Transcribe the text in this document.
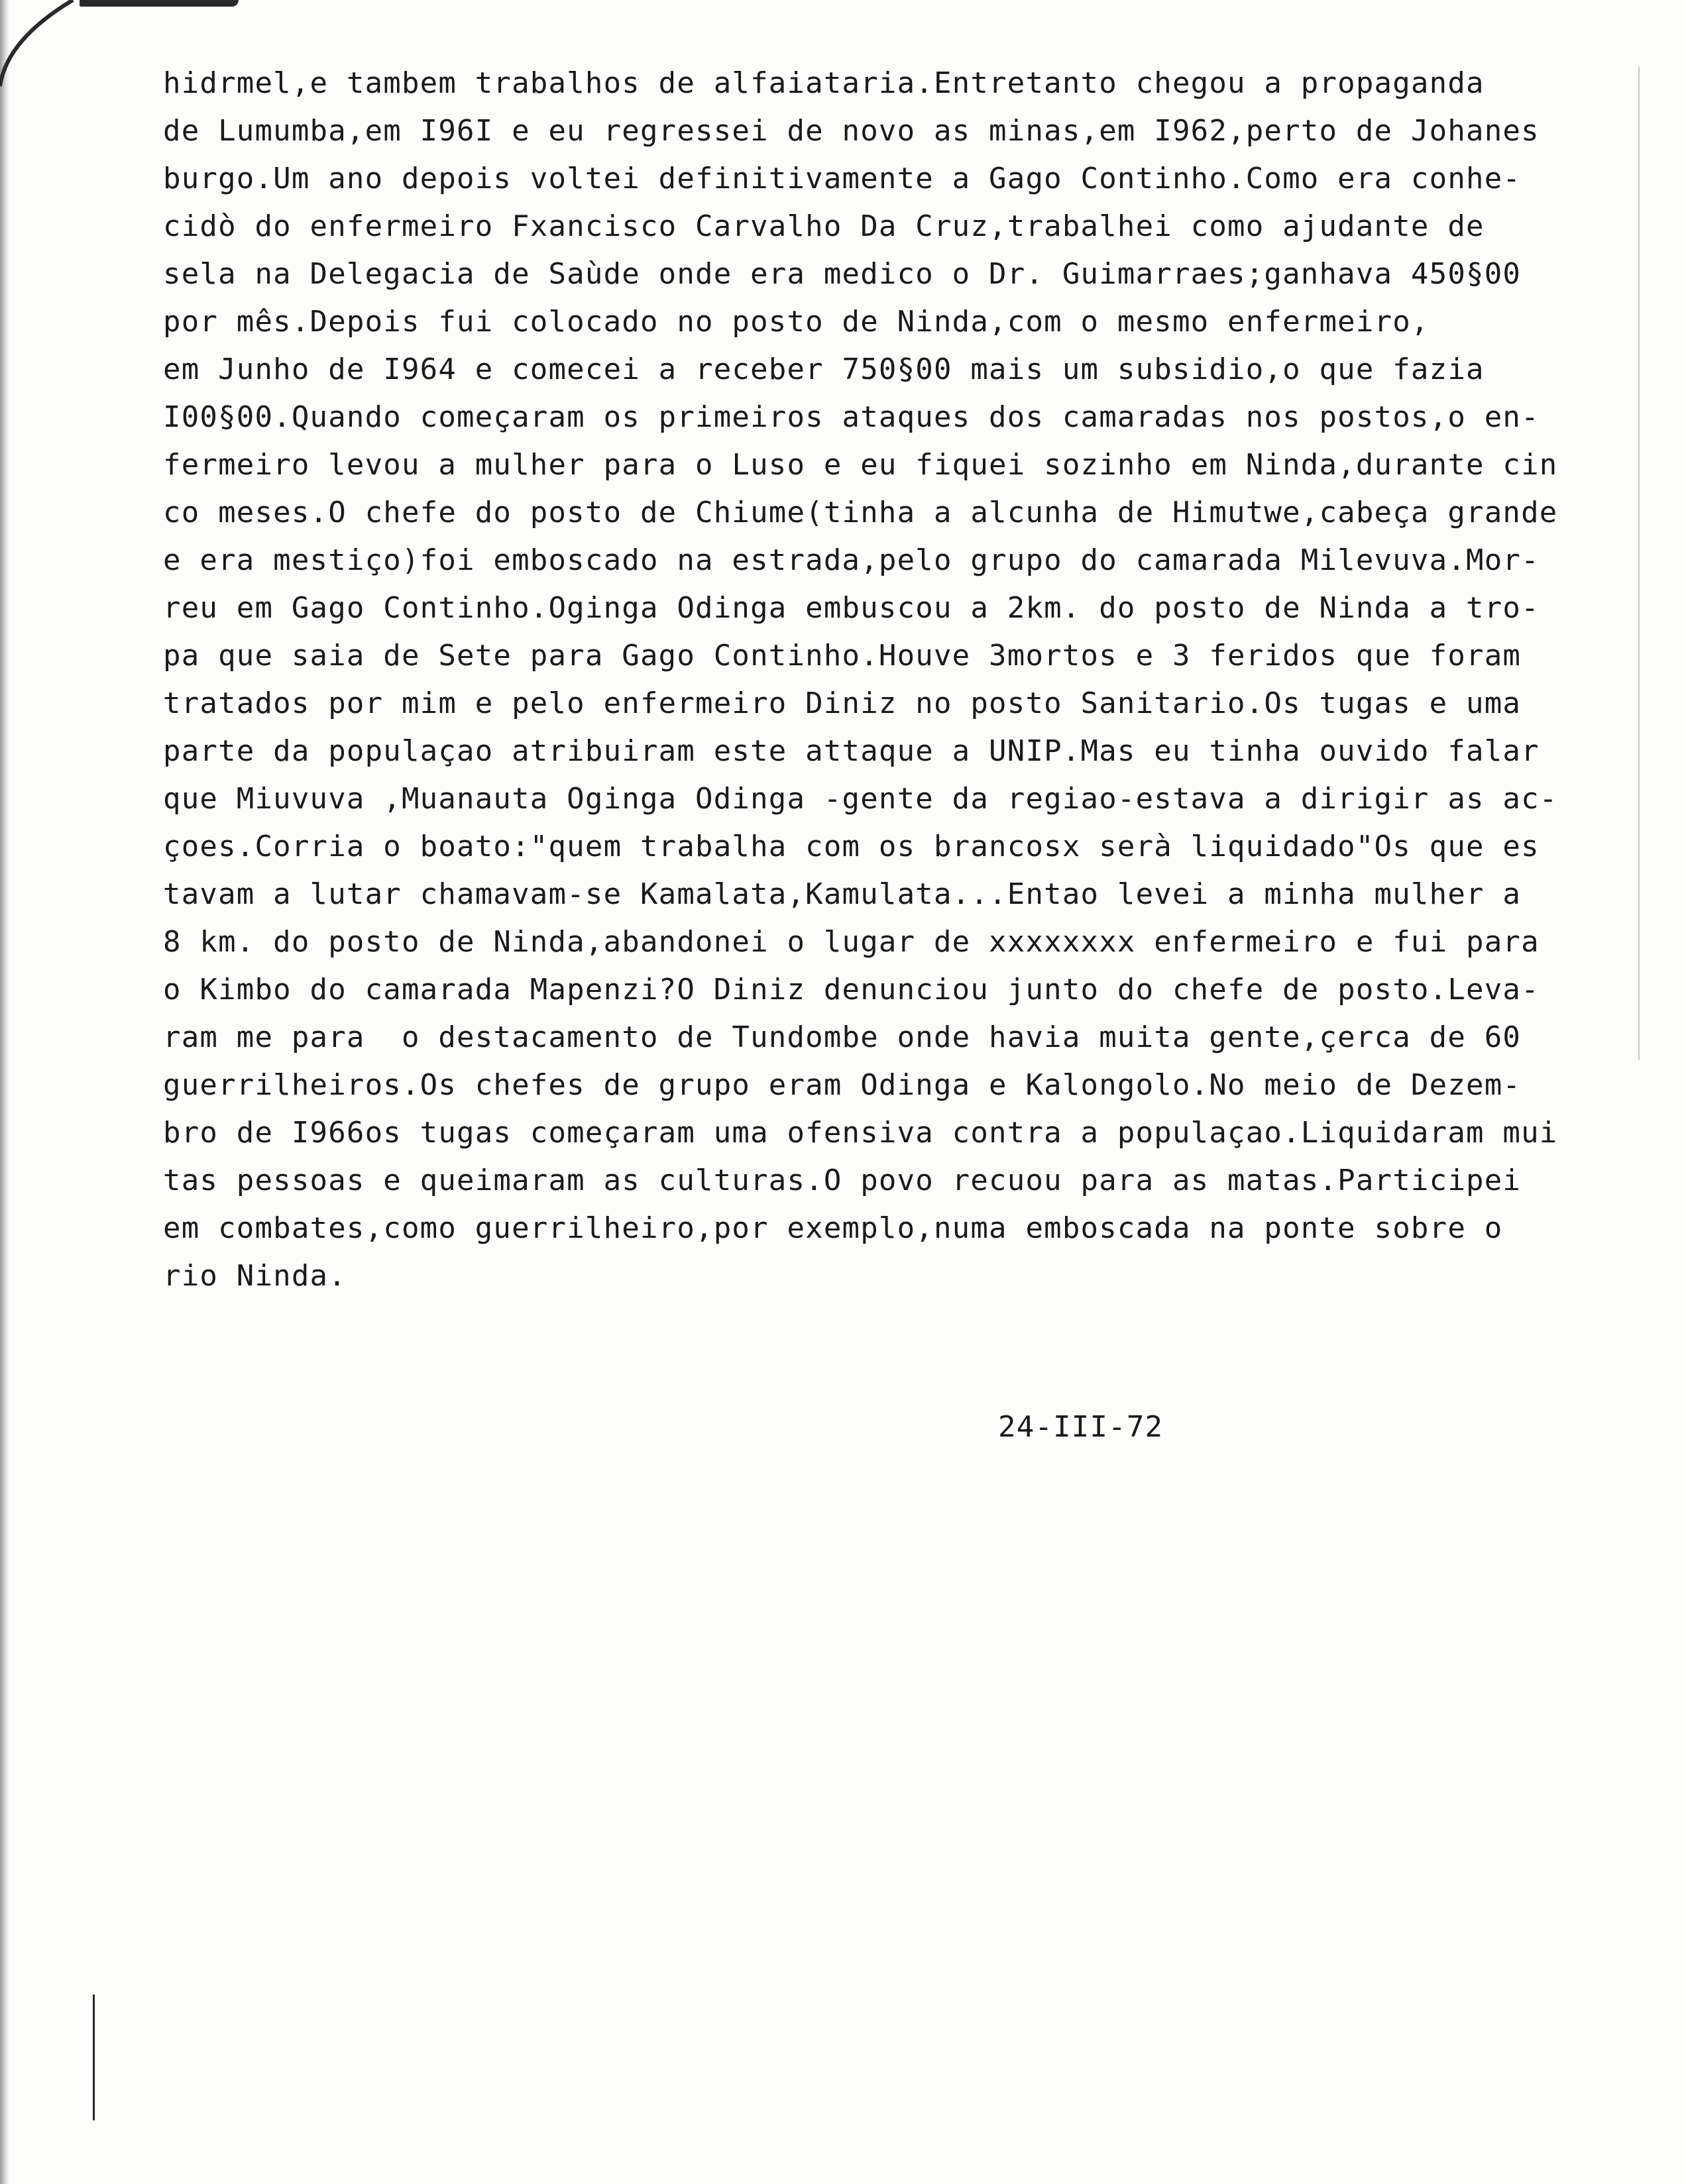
hidrmel,e tambem trabalhos de alfaiataria.Entretanto chegou a propaganda
de Lumumba,em I96I e eu regressei de novo as minas,em I962,perto de Johanes
burgo.Um ano depois voltei definitivamente a Gago Continho.Como era conhe-
cidò do enfermeiro Fxancisco Carvalho Da Cruz,trabalhei como ajudante de
sela na Delegacia de Saùde onde era medico o Dr. Guimarraes;ganhava 450§00
por mês.Depois fui colocado no posto de Ninda,com o mesmo enfermeiro,
em Junho de I964 e comecei a receber 750§00 mais um subsidio,o que fazia
I00§00.Quando começaram os primeiros ataques dos camaradas nos postos,o en-
fermeiro levou a mulher para o Luso e eu fiquei sozinho em Ninda,durante cin
co meses.O chefe do posto de Chiume(tinha a alcunha de Himutwe,cabeça grande
e era mestiço)foi emboscado na estrada,pelo grupo do camarada Milevuva.Mor-
reu em Gago Continho.Oginga Odinga embuscou a 2km. do posto de Ninda a tro-
pa que saia de Sete para Gago Continho.Houve 3mortos e 3 feridos que foram
tratados por mim e pelo enfermeiro Diniz no posto Sanitario.Os tugas e uma
parte da populaçao atribuiram este attaque a UNIP.Mas eu tinha ouvido falar
que Miuvuva ,Muanauta Oginga Odinga -gente da regiao-estava a dirigir as ac-
çoes.Corria o boato:"quem trabalha com os brancosx serà liquidado"Os que es
tavam a lutar chamavam-se Kamalata,Kamulata...Entao levei a minha mulher a
8 km. do posto de Ninda,abandonei o lugar de xxxxxxxx enfermeiro e fui para
o Kimbo do camarada Mapenzi?O Diniz denunciou junto do chefe de posto.Leva-
ram me para  o destacamento de Tundombe onde havia muita gente,çerca de 60
guerrilheiros.Os chefes de grupo eram Odinga e Kalongolo.No meio de Dezem-
bro de I966os tugas começaram uma ofensiva contra a populaçao.Liquidaram mui
tas pessoas e queimaram as culturas.O povo recuou para as matas.Participei
em combates,como guerrilheiro,por exemplo,numa emboscada na ponte sobre o
rio Ninda.
24-III-72
